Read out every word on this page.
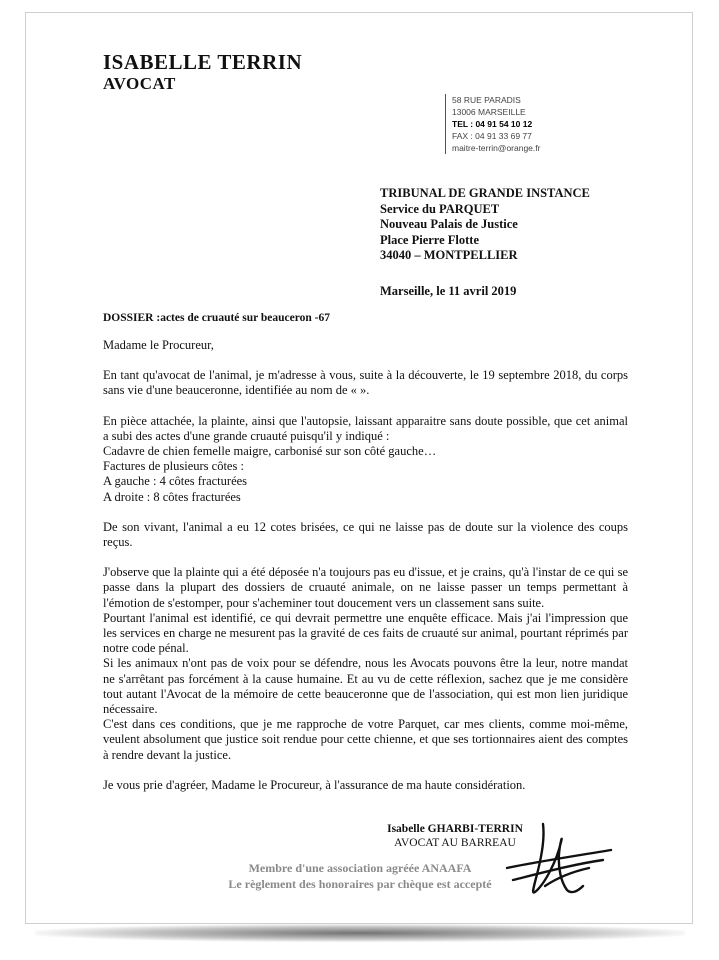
ISABELLE TERRIN
AVOCAT
58 RUE PARADIS
13006 MARSEILLE
TEL : 04 91 54 10 12
FAX : 04 91 33 69 77
maitre-terrin@orange.fr
TRIBUNAL DE GRANDE INSTANCE
Service du PARQUET
Nouveau Palais de Justice
Place Pierre Flotte
34040 – MONTPELLIER
Marseille, le 11 avril 2019
DOSSIER :actes de cruauté sur beauceron -67

Madame le Procureur,

En tant qu'avocat de l'animal, je m'adresse à vous, suite à la découverte, le 19 septembre 2018, du corps sans vie d'une beauceronne, identifiée au nom de « ».

En pièce attachée, la plainte, ainsi que l'autopsie, laissant apparaitre sans doute possible, que cet animal a subi des actes d'une grande cruauté puisqu'il y indiqué :

Cadavre de chien femelle maigre, carbonisé sur son côté gauche…

Factures de plusieurs côtes :

A gauche : 4 côtes fracturées

A droite : 8 côtes fracturées

De son vivant, l'animal a eu 12 cotes brisées, ce qui ne laisse pas de doute sur la violence des coups reçus.

J'observe que la plainte qui a été déposée n'a toujours pas eu d'issue, et je crains, qu'à l'instar de ce qui se passe dans la plupart des dossiers de cruauté animale, on ne laisse passer un temps permettant à l'émotion de s'estomper, pour s'acheminer tout doucement vers un classement sans suite.

Pourtant l'animal est identifié, ce qui devrait permettre une enquête efficace. Mais j'ai l'impression que les services en charge ne mesurent pas la gravité de ces faits de cruauté sur animal, pourtant réprimés par notre code pénal.

Si les animaux n'ont pas de voix pour se défendre, nous les Avocats pouvons être la leur, notre mandat ne s'arrêtant pas forcément à la cause humaine. Et au vu de cette réflexion, sachez que je me considère tout autant l'Avocat de la mémoire de cette beauceronne que de l'association, qui est mon lien juridique nécessaire.

C'est dans ces conditions, que je me rapproche de votre Parquet, car mes clients, comme moi-même, veulent absolument que justice soit rendue pour cette chienne, et que ses tortionnaires aient des comptes à rendre devant la justice.

Je vous prie d'agréer, Madame le Procureur, à l'assurance de ma haute considération.

Isabelle GHARBI-TERRIN
AVOCAT AU BARREAU
Membre d'une association agréée ANAAFA
Le règlement des honoraires par chèque est accepté
